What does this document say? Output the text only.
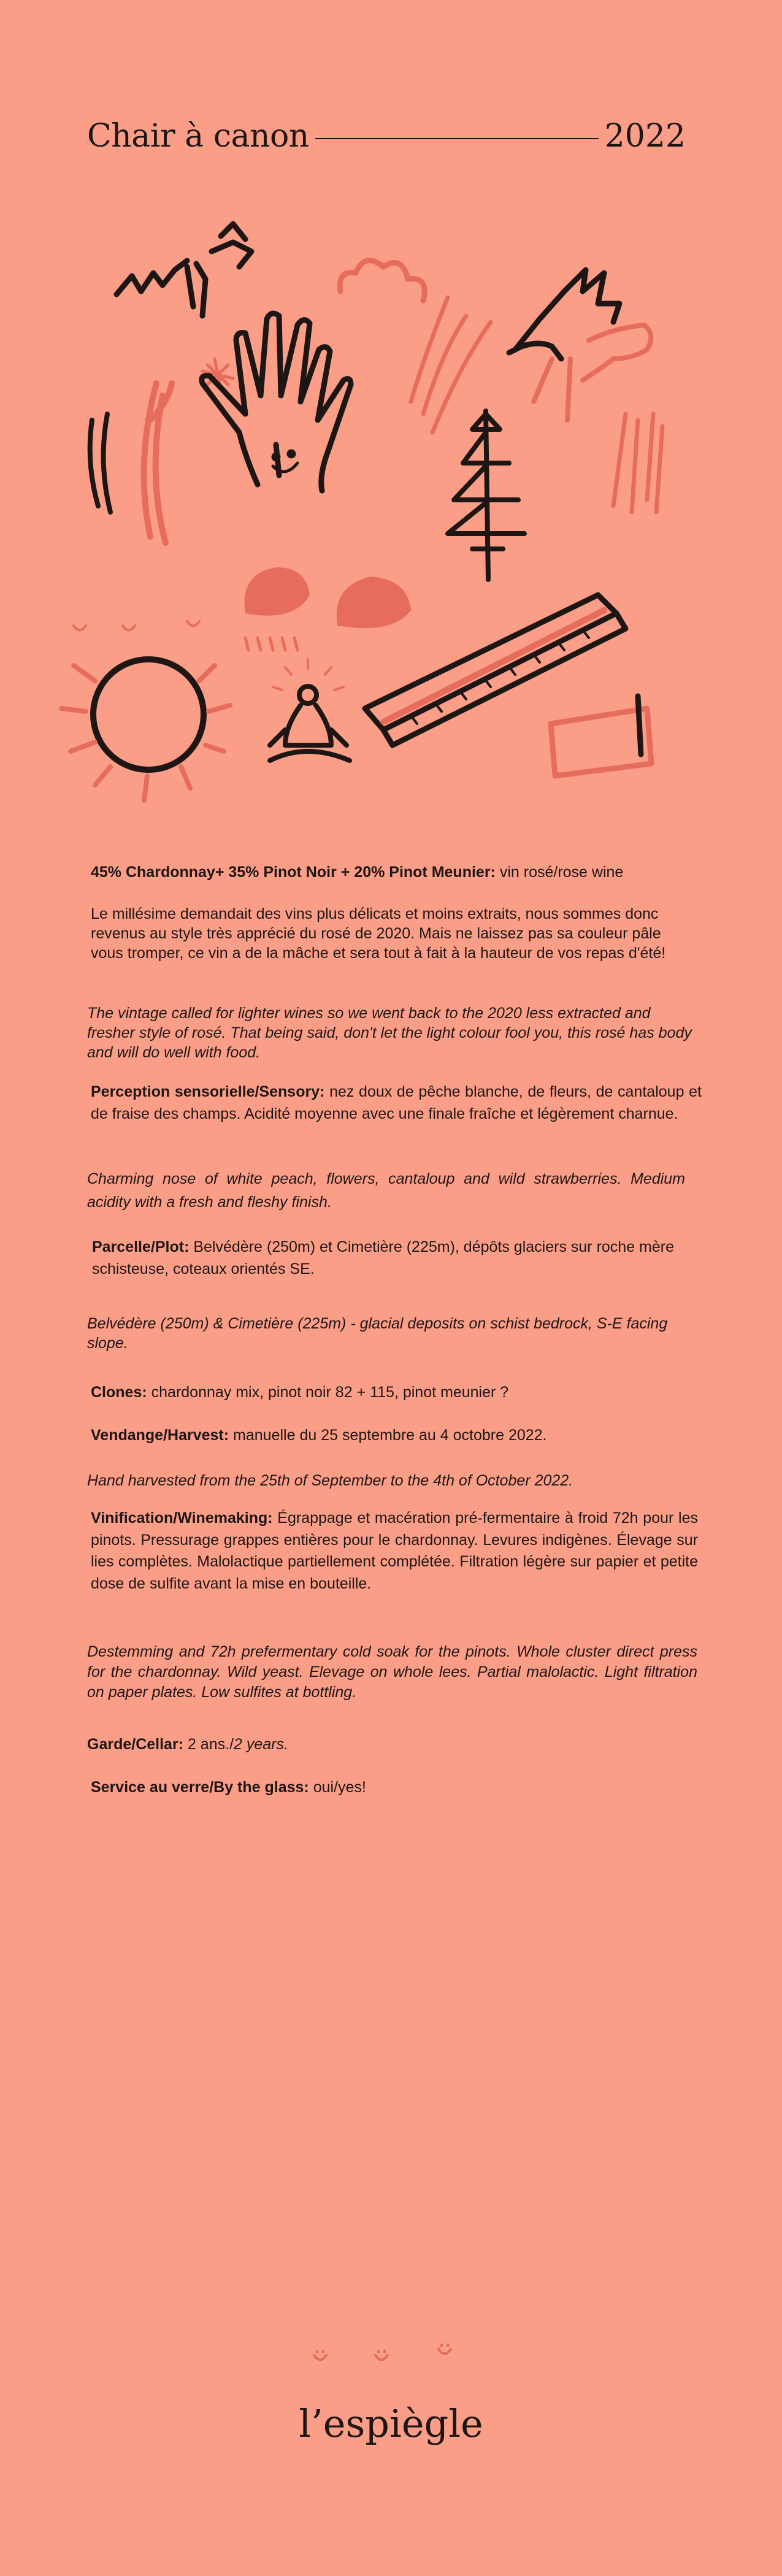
Chair à canon	2022

45% Chardonnay+ 35% Pinot Noir + 20% Pinot Meunier: vin rosé/rose wine

Le millésime demandait des vins plus délicats et moins extraits, nous sommes donc revenus au style très apprécié du rosé de 2020. Mais ne laissez pas sa couleur pâle vous tromper, ce vin a de la mâche et sera tout à fait à la hauteur de vos repas d'été!

The vintage called for lighter wines so we went back to the 2020 less extracted and fresher style of rosé. That being said, don't let the light colour fool you, this rosé has body and will do well with food.

Perception sensorielle/Sensory: nez doux de pêche blanche, de fleurs, de cantaloup et de fraise des champs. Acidité moyenne avec une finale fraîche et légèrement charnue.

Charming nose of white peach, flowers, cantaloup and wild strawberries. Medium acidity with a fresh and fleshy finish.

Parcelle/Plot: Belvédère (250m) et Cimetière (225m), dépôts glaciers sur roche mère schisteuse, coteaux orientés SE.

Belvédère (250m) & Cimetière (225m) - glacial deposits on schist bedrock, S-E facing slope.

Clones: chardonnay mix, pinot noir 82 + 115, pinot meunier ?

Vendange/Harvest: manuelle du 25 septembre au 4 octobre 2022.

Hand harvested from the 25th of September to the 4th of October 2022.

Vinification/Winemaking: Égrappage et macération pré-fermentaire à froid 72h pour les pinots. Pressurage grappes entières pour le chardonnay. Levures indigènes. Élevage sur lies complètes. Malolactique partiellement complétée. Filtration légère sur papier et petite dose de sulfite avant la mise en bouteille.

Destemming and 72h prefermentary cold soak for the pinots. Whole cluster direct press for the chardonnay. Wild yeast. Elevage on whole lees. Partial malolactic. Light filtration on paper plates. Low sulfites at bottling.

Garde/Cellar: 2 ans./2 years.

Service au verre/By the glass: oui/yes!

l’espiègle
